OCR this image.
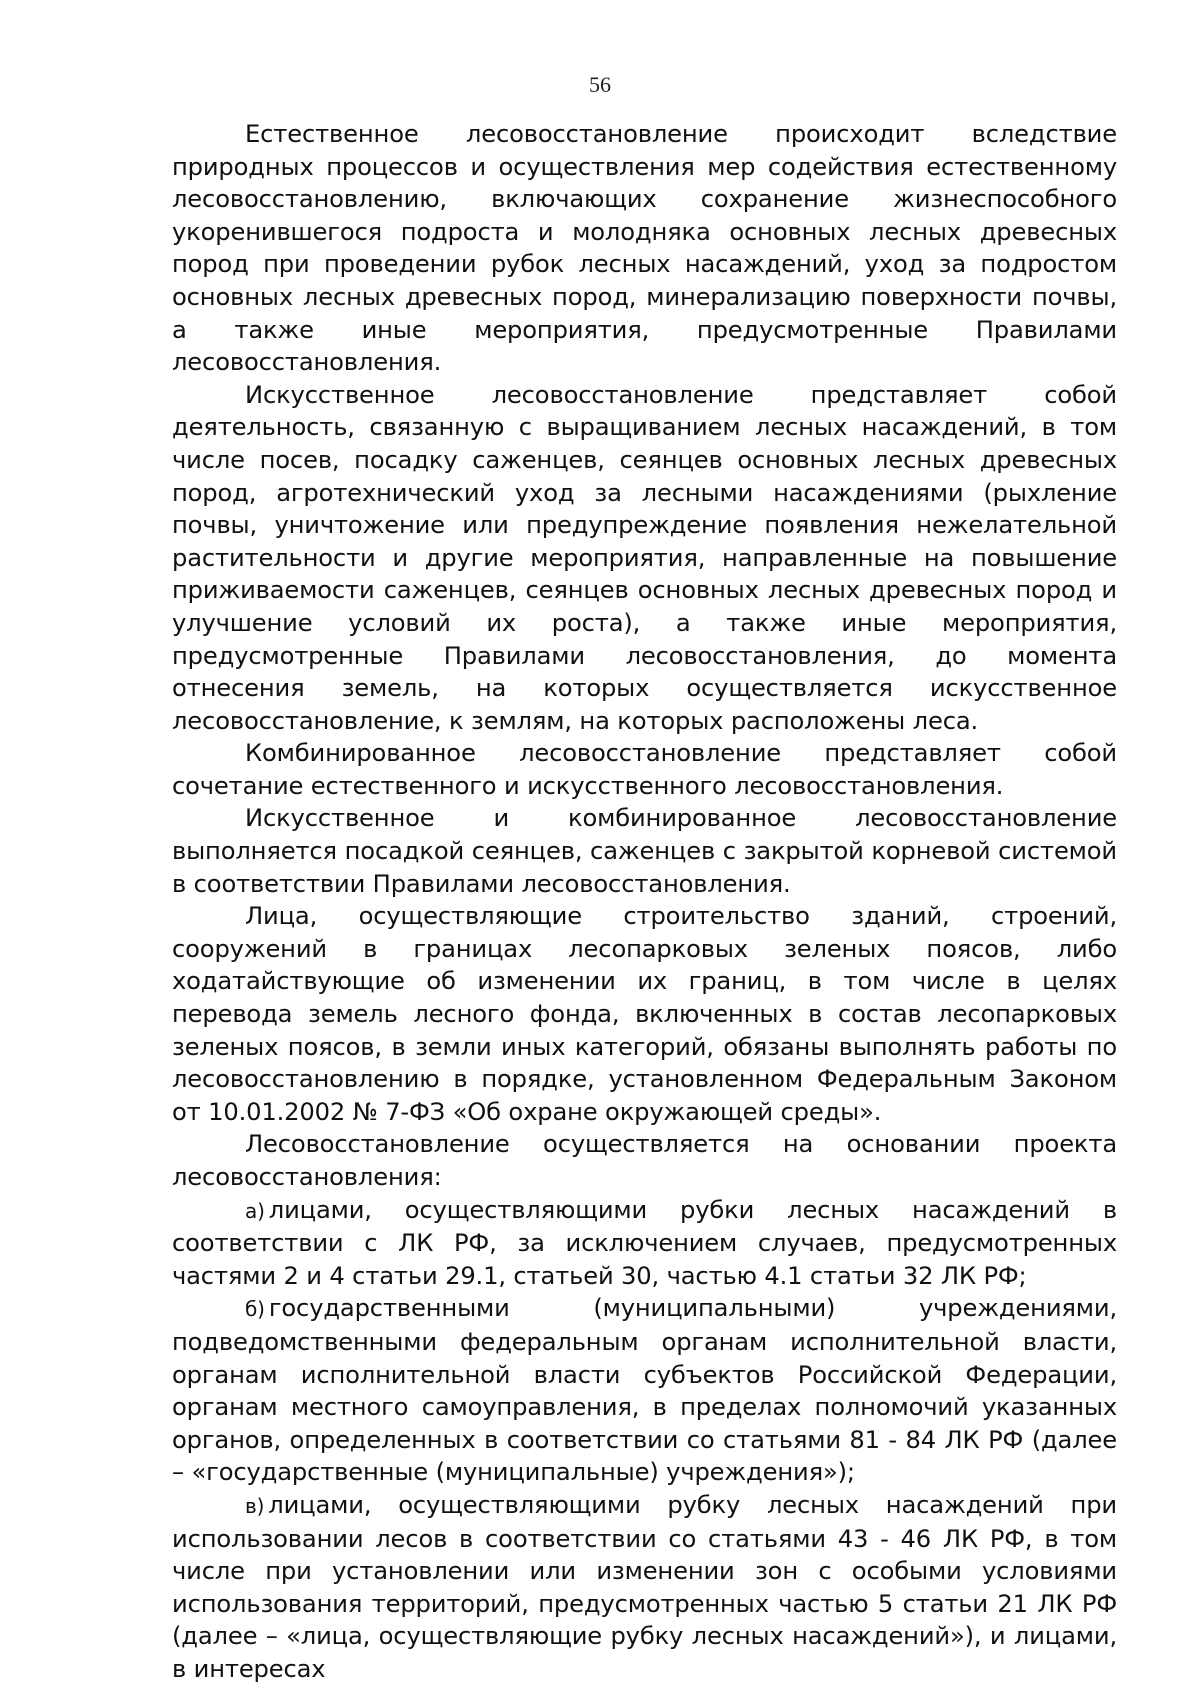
56

Естественное лесовосстановление происходит вследствие природных процессов и осуществления мер содействия естественному лесовосстановлению, включающих сохранение жизнеспособного укоренившегося подроста и молодняка основных лесных древесных пород при проведении рубок лесных насаждений, уход за подростом основных лесных древесных пород, минерализацию поверхности почвы, а также иные мероприятия, предусмотренные Правилами лесовосстановления.

Искусственное лесовосстановление представляет собой деятельность, связанную с выращиванием лесных насаждений, в том числе посев, посадку саженцев, сеянцев основных лесных древесных пород, агротехнический уход за лесными насаждениями (рыхление почвы, уничтожение или предупреждение появления нежелательной растительности и другие мероприятия, направленные на повышение приживаемости саженцев, сеянцев основных лесных древесных пород и улучшение условий их роста), а также иные мероприятия, предусмотренные Правилами лесовосстановления, до момента отнесения земель, на которых осуществляется искусственное лесовосстановление, к землям, на которых расположены леса.

Комбинированное лесовосстановление представляет собой сочетание естественного и искусственного лесовосстановления.

Искусственное и комбинированное лесовосстановление выполняется посадкой сеянцев, саженцев с закрытой корневой системой в соответствии Правилами лесовосстановления.

Лица, осуществляющие строительство зданий, строений, сооружений в границах лесопарковых зеленых поясов, либо ходатайствующие об изменении их границ, в том числе в целях перевода земель лесного фонда, включенных в состав лесопарковых зеленых поясов, в земли иных категорий, обязаны выполнять работы по лесовосстановлению в порядке, установленном Федеральным Законом от 10.01.2002 № 7-ФЗ «Об охране окружающей среды».

Лесовосстановление осуществляется на основании проекта лесовосстановления:

а) лицами, осуществляющими рубки лесных насаждений в соответствии с ЛК РФ, за исключением случаев, предусмотренных частями 2 и 4 статьи 29.1, статьей 30, частью 4.1 статьи 32 ЛК РФ;

б) государственными (муниципальными) учреждениями, подведомственными федеральным органам исполнительной власти, органам исполнительной власти субъектов Российской Федерации, органам местного самоуправления, в пределах полномочий указанных органов, определенных в соответствии со статьями 81 - 84 ЛК РФ (далее – «государственные (муниципальные) учреждения»);

в) лицами, осуществляющими рубку лесных насаждений при использовании лесов в соответствии со статьями 43 - 46 ЛК РФ, в том числе при установлении или изменении зон с особыми условиями использования территорий, предусмотренных частью 5 статьи 21 ЛК РФ (далее – «лица, осуществляющие рубку лесных насаждений»), и лицами, в интересах
